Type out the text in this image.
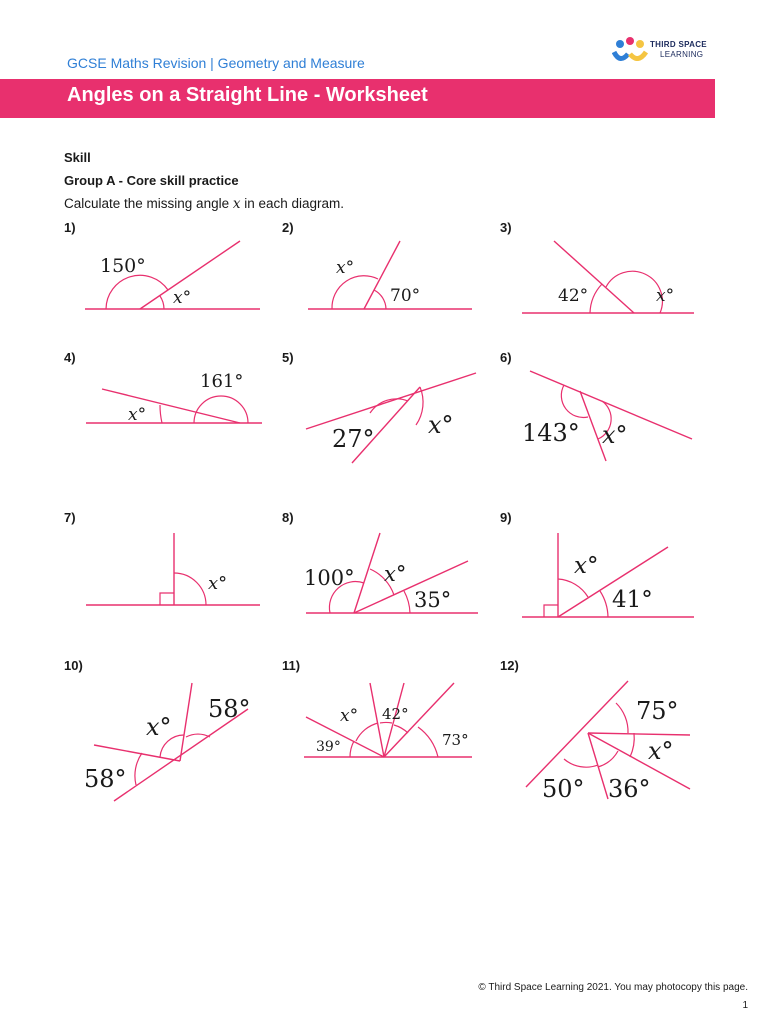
GCSE Maths Revision | Geometry and Measure
THIRD SPACE
LEARNING
Angles on a Straight Line - Worksheet
Skill
Group A - Core skill practice
Calculate the missing angle x in each diagram.
1)
150°
x°
2)
x°
70°
3)
42°	x°
4)
161°
x°
5)
27° x°
6)
143° x°
7)
x°
8)
100° x°
35°
9)
x°
41°
10)
58°
x°
58°
11)
x° 42°
39°	73°
12)
75°
x°
50° 36°
© Third Space Learning 2021. You may photocopy this page.
1
